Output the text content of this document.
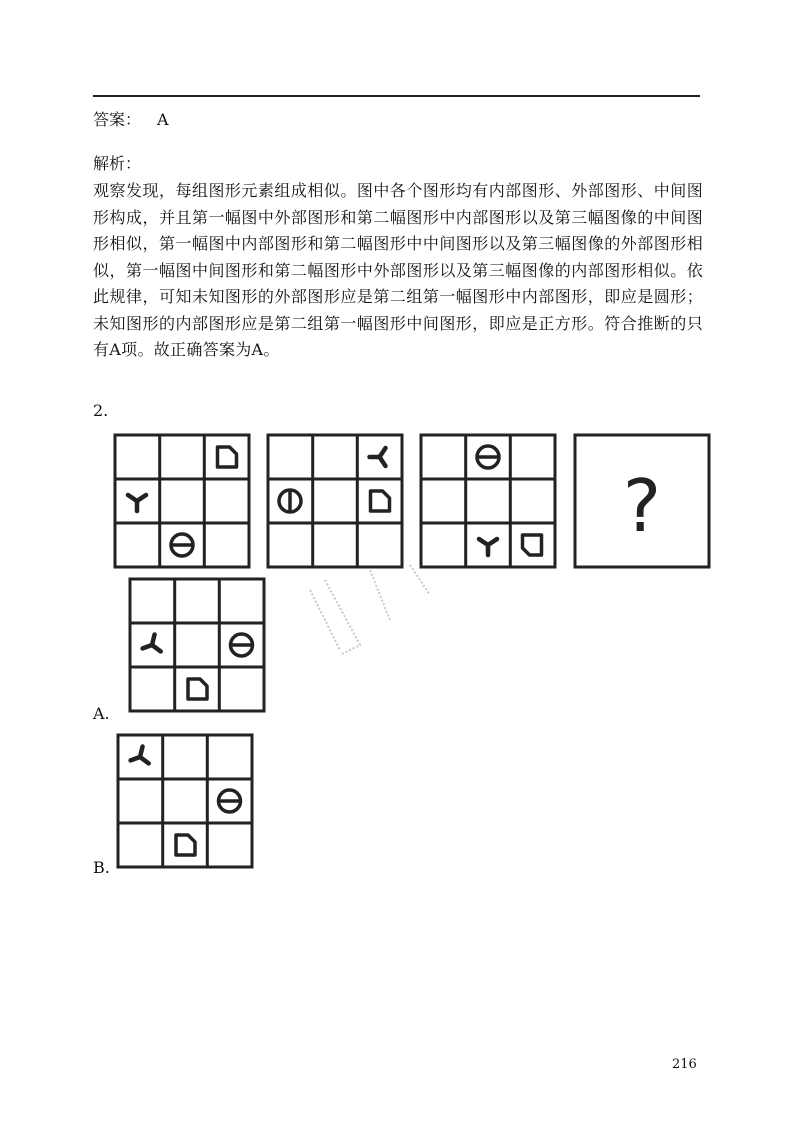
答案： A
解析：

观察发现，每组图形元素组成相似。图中各个图形均有内部图形、外部图形、中间图形构成，并且第一幅图中外部图形和第二幅图形中内部图形以及第三幅图像的中间图形相似，第一幅图中内部图形和第二幅图形中中间图形以及第三幅图像的外部图形相似，第一幅图中间图形和第二幅图形中外部图形以及第三幅图像的内部图形相似。依此规律，可知未知图形的外部图形应是第二组第一幅图形中内部图形，即应是圆形；未知图形的内部图形应是第二组第一幅图形中间图形，即应是正方形。符合推断的只有A项。故正确答案为A。

2.
?
A.
B.
216
